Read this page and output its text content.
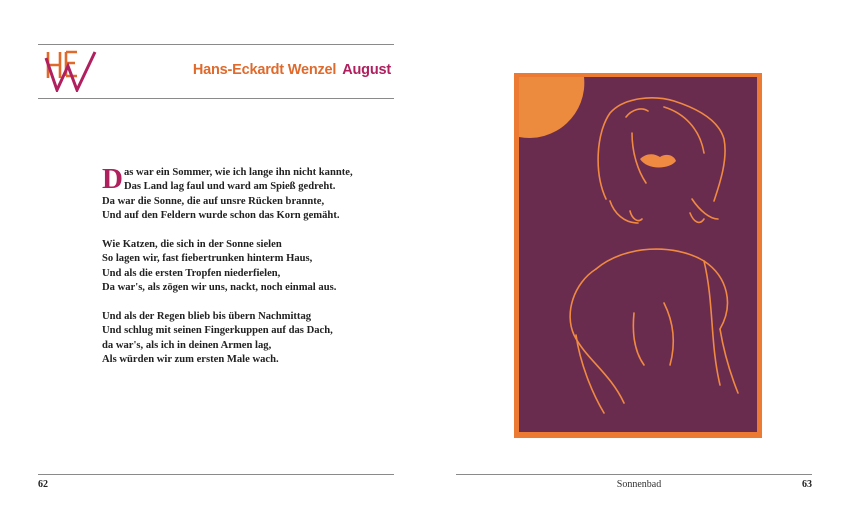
Hans-Eckardt Wenzel August
Das war ein Sommer, wie ich lange ihn nicht kannte,
Das Land lag faul und ward am Spieß gedreht.
Da war die Sonne, die auf unsre Rücken brannte,
Und auf den Feldern wurde schon das Korn gemäht.
Wie Katzen, die sich in der Sonne sielen
So lagen wir, fast fiebertrunken hinterm Haus,
Und als die ersten Tropfen niederfielen,
Da war's, als zögen wir uns, nackt, noch einmal aus.
Und als der Regen blieb bis übern Nachmittag
Und schlug mit seinen Fingerkuppen auf das Dach,
da war's, als ich in deinen Armen lag,
Als würden wir zum ersten Male wach.
62	Sonnenbad	63
